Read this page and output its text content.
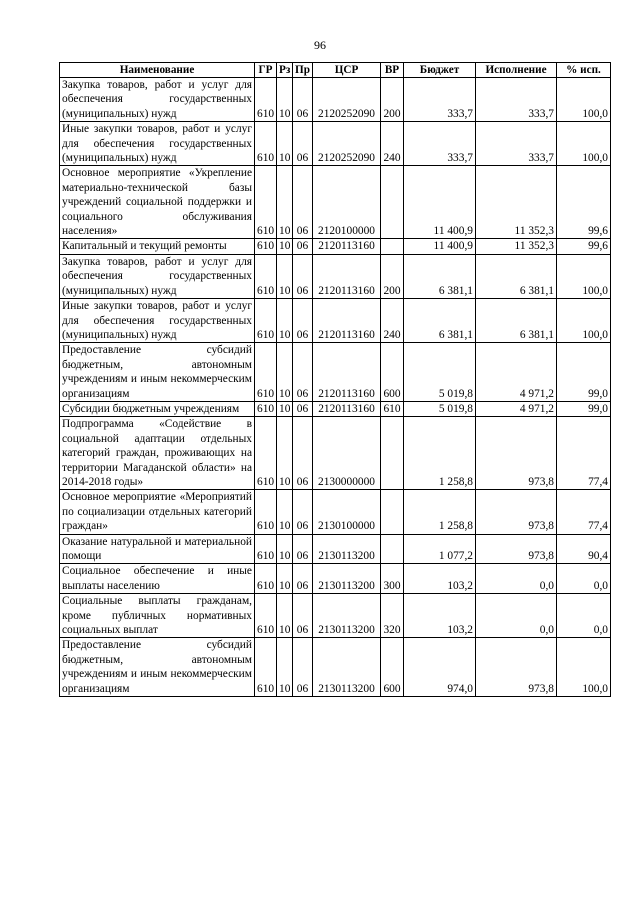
96
Наименование	ГР	Рз	Пр	ЦСР	ВР	Бюджет	Исполнение	% исп.
Закупка товаров, работ и услуг для обеспечения государственных (муниципальных) нужд	610	10	06	2120252090	200	333,7	333,7	100,0
Иные закупки товаров, работ и услуг для обеспечения государственных (муниципальных) нужд	610	10	06	2120252090	240	333,7	333,7	100,0
Основное мероприятие «Укрепление материально-технической базы учреждений социальной поддержки и социального обслуживания населения»	610	10	06	2120100000		11 400,9	11 352,3	99,6
Капитальный и текущий ремонты	610	10	06	2120113160		11 400,9	11 352,3	99,6
Закупка товаров, работ и услуг для обеспечения государственных (муниципальных) нужд	610	10	06	2120113160	200	6 381,1	6 381,1	100,0
Иные закупки товаров, работ и услуг для обеспечения государственных (муниципальных) нужд	610	10	06	2120113160	240	6 381,1	6 381,1	100,0
Предоставление субсидий бюджетным, автономным учреждениям и иным некоммерческим организациям	610	10	06	2120113160	600	5 019,8	4 971,2	99,0
Субсидии бюджетным учреждениям	610	10	06	2120113160	610	5 019,8	4 971,2	99,0
Подпрограмма «Содействие в социальной адаптации отдельных категорий граждан, проживающих на территории Магаданской области» на 2014-2018 годы»	610	10	06	2130000000		1 258,8	973,8	77,4
Основное мероприятие «Мероприятий по социализации отдельных категорий граждан»	610	10	06	2130100000		1 258,8	973,8	77,4
Оказание натуральной и материальной помощи	610	10	06	2130113200		1 077,2	973,8	90,4
Социальное обеспечение и иные выплаты населению	610	10	06	2130113200	300	103,2	0,0	0,0
Социальные выплаты гражданам, кроме публичных нормативных социальных выплат	610	10	06	2130113200	320	103,2	0,0	0,0
Предоставление субсидий бюджетным, автономным учреждениям и иным некоммерческим организациям	610	10	06	2130113200	600	974,0	973,8	100,0
